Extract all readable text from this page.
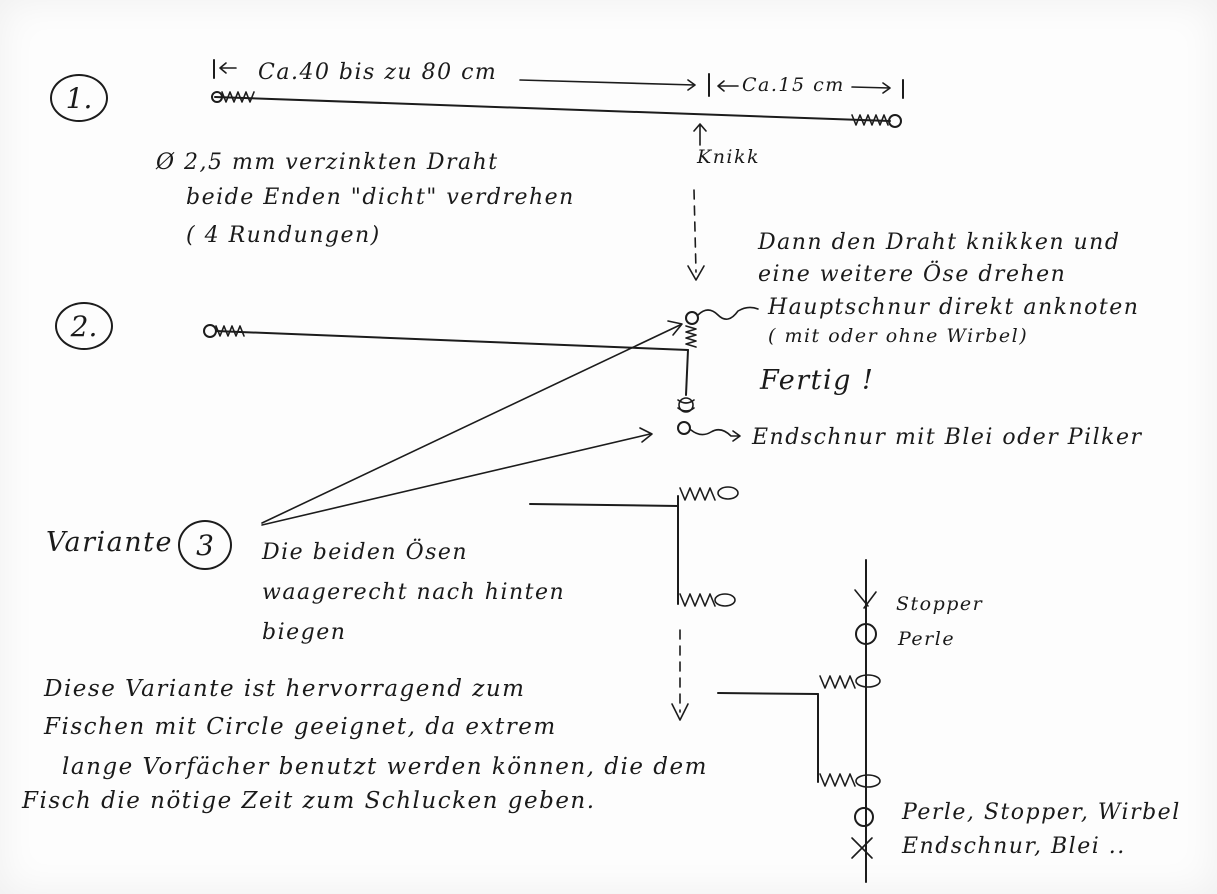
1.
2.
3
Ca.40 bis zu 80 cm	Ca.15 cm
Knikk
Ø 2,5 mm verzinkten Draht
beide Enden "dicht" verdrehen
( 4 Rundungen)	Dann den Draht knikken und
eine weitere Öse drehen
Hauptschnur direkt anknoten
( mit oder ohne Wirbel)
Fertig !
Endschnur mit Blei oder Pilker
Variante	Die beiden Ösen
waagerecht nach hinten
biegen
Stopper
Perle
Perle, Stopper, Wirbel
Endschnur, Blei ..
Diese Variante ist hervorragend zum
Fischen mit Circle geeignet, da extrem
lange Vorfächer benutzt werden können, die dem
Fisch die nötige Zeit zum Schlucken geben.
